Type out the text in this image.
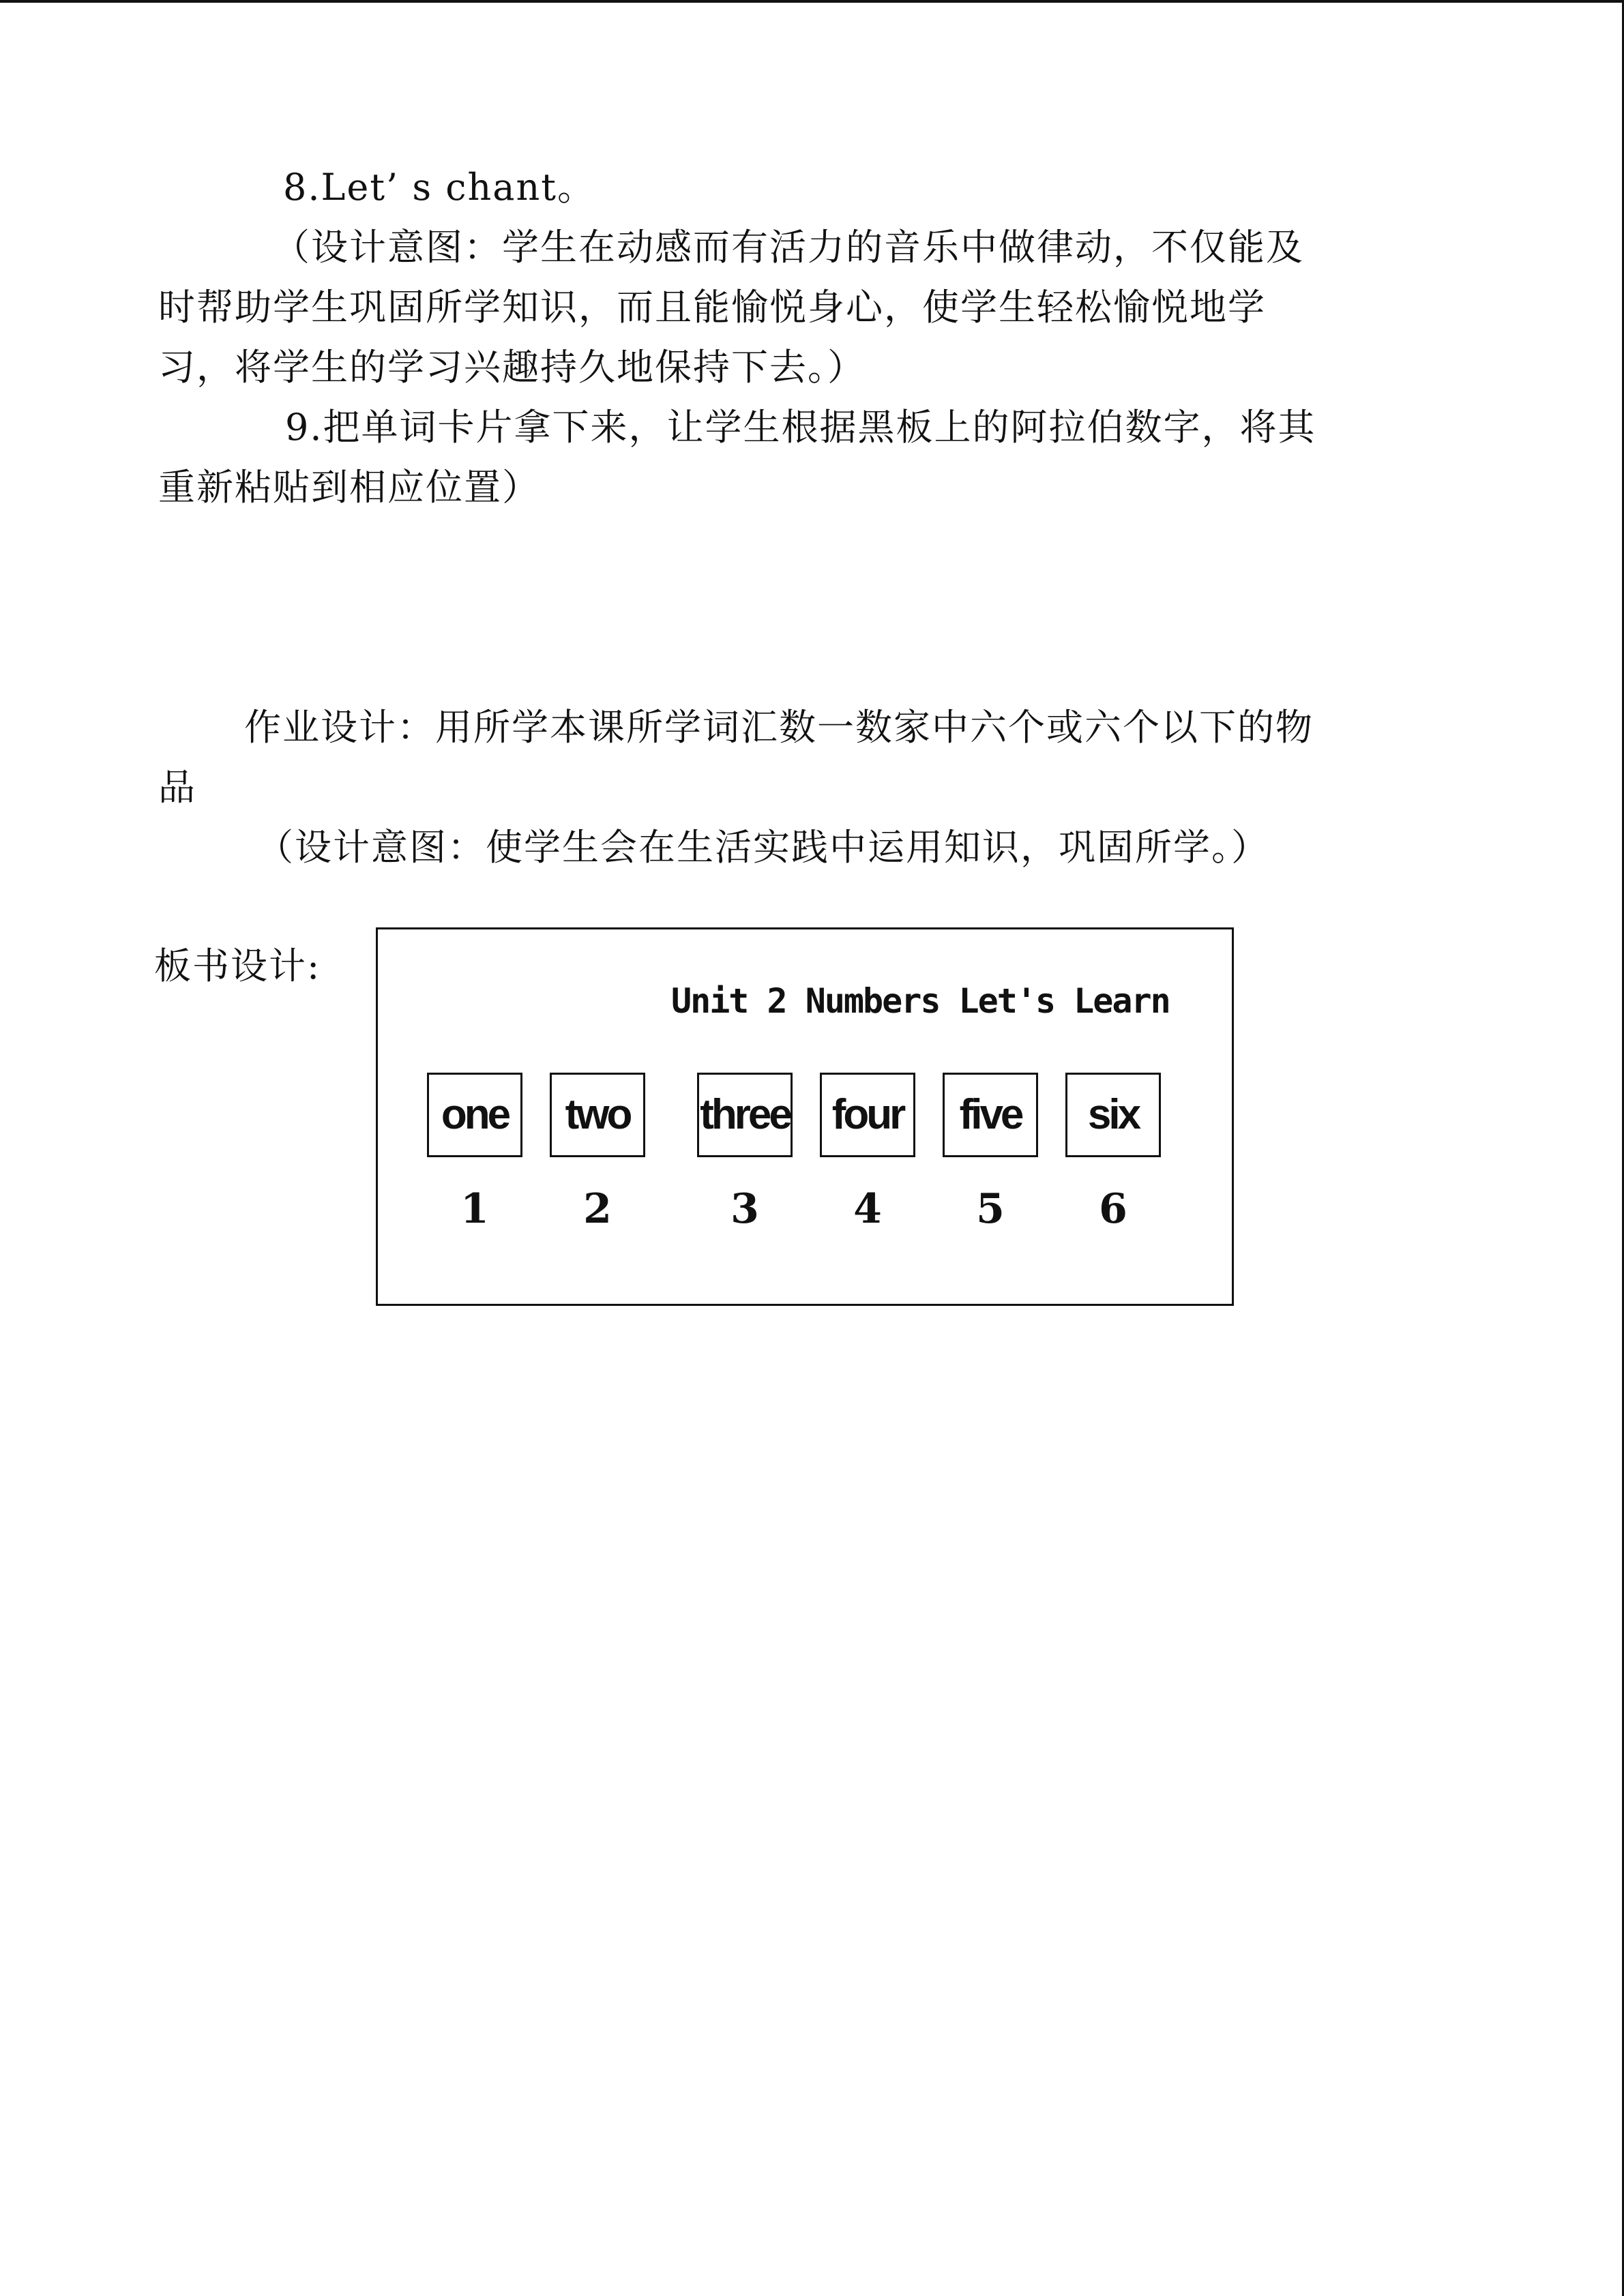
8.Let’ s chant。
（设计意图：学生在动感而有活力的音乐中做律动，不仅能及
时帮助学生巩固所学知识，而且能愉悦身心，使学生轻松愉悦地学
习，将学生的学习兴趣持久地保持下去。）
9.把单词卡片拿下来，让学生根据黑板上的阿拉伯数字，将其
重新粘贴到相应位置）
作业设计：用所学本课所学词汇数一数家中六个或六个以下的物
品
（设计意图：使学生会在生活实践中运用知识，巩固所学。）
板书设计:
Unit 2 Numbers Let's Learn
one	two	three four	five	six
1	2	3	4	5	6
